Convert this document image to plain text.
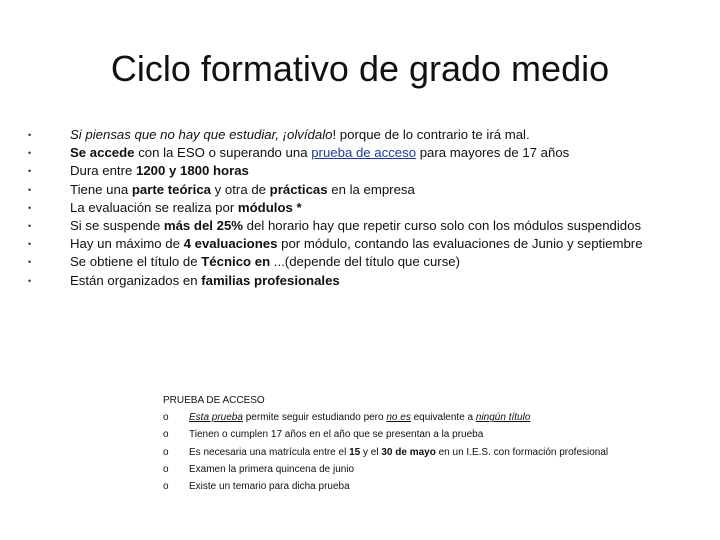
Ciclo formativo de grado medio
•	Si piensas que no hay que estudiar, ¡olvídalo! porque de lo contrario te irá mal.
•	Se accede con la ESO o superando una prueba de acceso para mayores de 17 años
•	Dura entre 1200 y 1800 horas
•	Tiene una parte teórica y otra de prácticas en la empresa
•	La evaluación se realiza por módulos *
•	Si se suspende más del 25% del horario hay que repetir curso solo con los módulos suspendidos
•	Hay un máximo de 4 evaluaciones por módulo, contando las evaluaciones de Junio y septiembre
•	Se obtiene el título de Técnico en ...(depende del título que curse)
•	Están organizados en familias profesionales

PRUEBA DE ACCESO

o Esta prueba permite seguir estudiando pero no es equivalente a ningún título
o Tienen o cumplen 17 años en el año que se presentan a la prueba
o Es necesaria una matrícula entre el 15 y el 30 de mayo en un I.E.S. con formación profesional
o Examen la primera quincena de junio
o Existe un temario para dicha prueba
